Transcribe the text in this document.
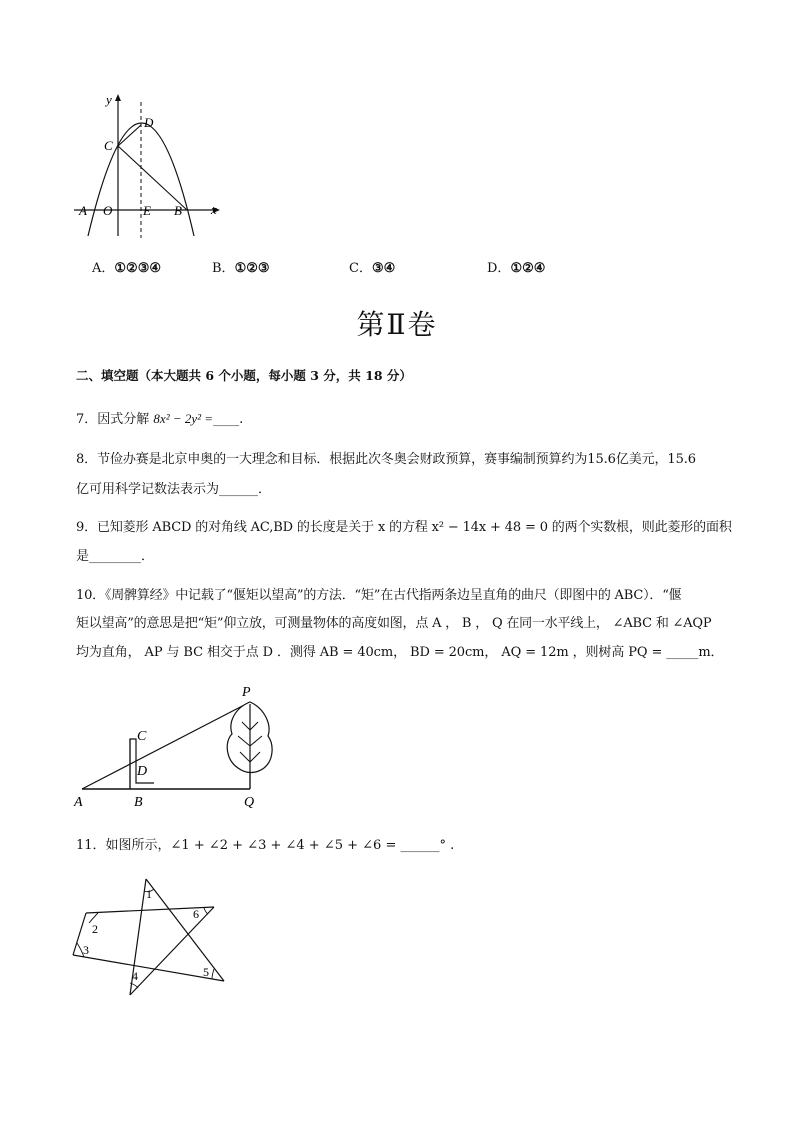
y
x
D
C
A O E B
A．①②③④	B．①②③	C．③④	D．①②④
第Ⅱ卷
二、填空题（本大题共 6 个小题，每小题 3 分，共 18 分）
7．因式分解 8x² − 2y² =____.
8．节俭办赛是北京申奥的一大理念和目标．根据此次冬奥会财政预算，赛事编制预算约为15.6亿美元，15.6
亿可用科学记数法表示为______．
9．已知菱形 ABCD 的对角线 AC,BD 的长度是关于 x 的方程 x² − 14x + 48 = 0 的两个实数根，则此菱形的面积
是________．
10．《周髀算经》中记载了“偃矩以望高”的方法．“矩”在古代指两条边呈直角的曲尺（即图中的 ABC）．“偃
矩以望高”的意思是把“矩”仰立放，可测量物体的高度如图，点 A ， B ， Q 在同一水平线上， ∠ABC 和 ∠AQP
均为直角， AP 与 BC 相交于点 D ．测得 AB = 40cm， BD = 20cm， AQ = 12m ，则树高 PQ = _____m．
P
C
D
A	B	Q
11．如图所示，∠1 + ∠2 + ∠3 + ∠4 + ∠5 + ∠6 = ______° .
1
2
3
4	5
6
